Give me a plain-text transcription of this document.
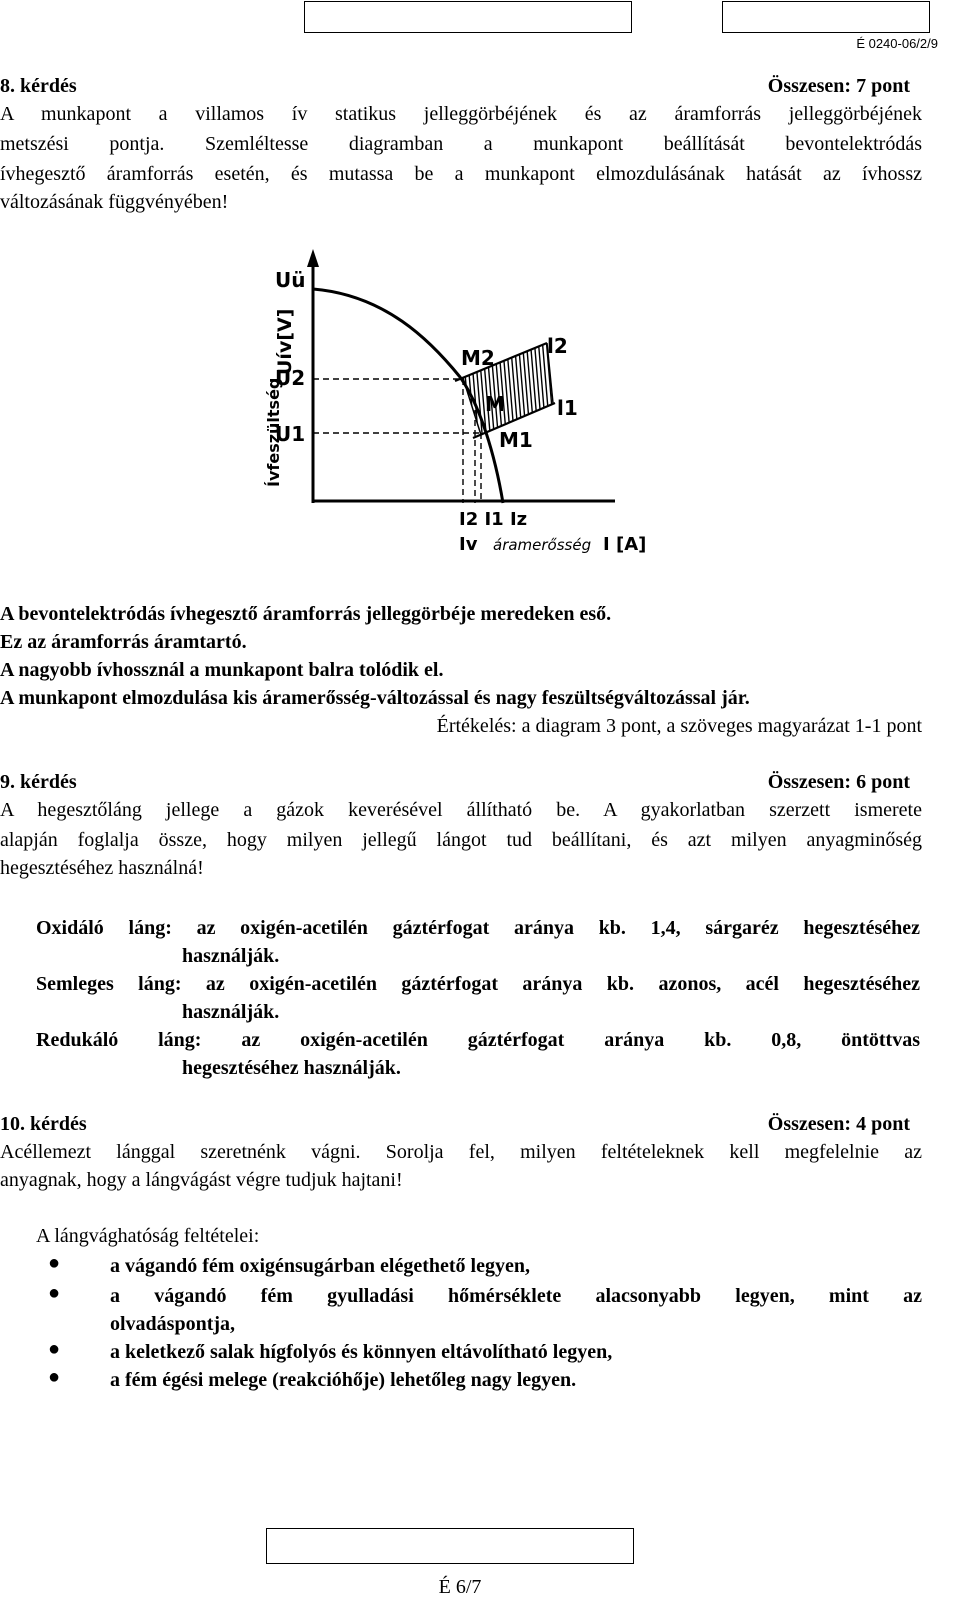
É 0240-06/2/9
8. kérdés	Összesen: 7 pont
A munkapont a villamos ív statikus jelleggörbéjének és az áramforrás jelleggörbéjének
metszési pontja. Szemléltesse diagramban a munkapont beállítását bevontelektródás
ívhegesztő áramforrás esetén, és mutassa be a munkapont elmozdulásának hatását az ívhossz
változásának függvényében!
Uü
Uív[V]
U2
U1
Ívfeszültség
M2
M
M1
l2
l1
I2 I1 Iz
Iv áramerősség I [A]
A bevontelektródás ívhegesztő áramforrás jelleggörbéje meredeken eső.
Ez az áramforrás áramtartó.
A nagyobb ívhossznál a munkapont balra tolódik el.
A munkapont elmozdulása kis áramerősség-változással és nagy feszültségváltozással jár.
Értékelés: a diagram 3 pont, a szöveges magyarázat 1-1 pont
9. kérdés	Összesen: 6 pont
A hegesztőláng jellege a gázok keverésével állítható be. A gyakorlatban szerzett ismerete
alapján foglalja össze, hogy milyen jellegű lángot tud beállítani, és azt milyen anyagminőség
hegesztéséhez használná!
Oxidáló láng: az oxigén-acetilén gáztérfogat aránya kb. 1,4, sárgaréz hegesztéséhez
használják.
Semleges láng: az oxigén-acetilén gáztérfogat aránya kb. azonos, acél hegesztéséhez
használják.
Redukáló láng: az oxigén-acetilén gáztérfogat aránya kb. 0,8, öntöttvas
hegesztéséhez használják.
10. kérdés	Összesen: 4 pont
Acéllemezt lánggal szeretnénk vágni. Sorolja fel, milyen feltételeknek kell megfelelnie az
anyagnak, hogy a lángvágást végre tudjuk hajtani!
A lángvághatóság feltételei:
● a vágandó fém oxigénsugárban elégethető legyen,
● a vágandó fém gyulladási hőmérséklete alacsonyabb legyen, mint az
olvadáspontja,
● a keletkező salak hígfolyós és könnyen eltávolítható legyen,
● a fém égési melege (reakcióhője) lehetőleg nagy legyen.
É 6/7
